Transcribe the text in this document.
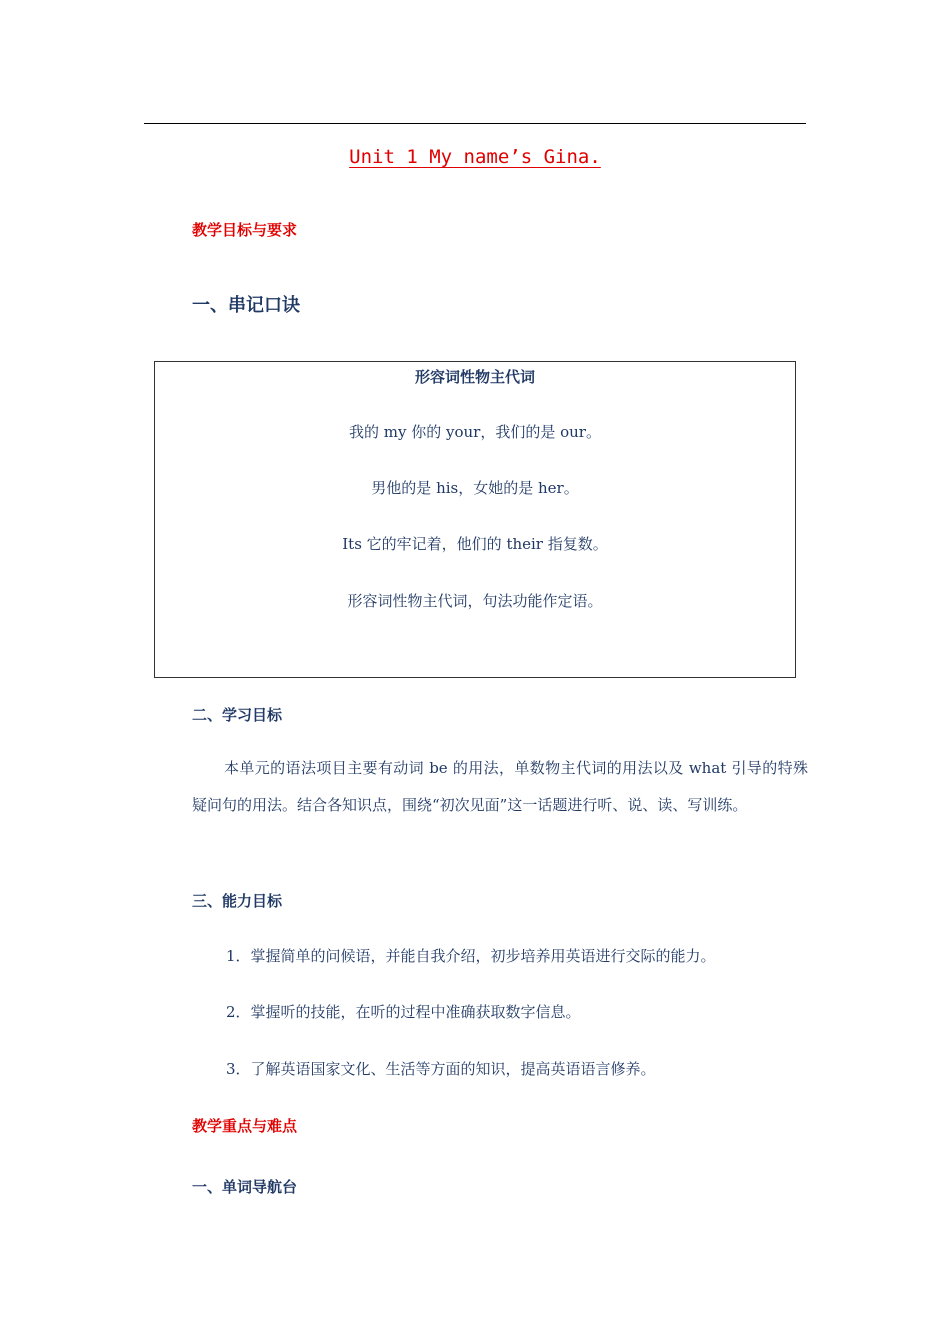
Unit 1 My name’s Gina.
教学目标与要求
一、串记口诀
形容词性物主代词
我的 my 你的 your，我们的是 our。
男他的是 his，女她的是 her。
Its 它的牢记着，他们的 their 指复数。
形容词性物主代词，句法功能作定语。
二、学习目标
本单元的语法项目主要有动词 be 的用法，单数物主代词的用法以及 what 引导的特殊疑问句的用法。结合各知识点，围绕“初次见面”这一话题进行听、说、读、写训练。
三、能力目标
1．掌握简单的问候语，并能自我介绍，初步培养用英语进行交际的能力。
2．掌握听的技能，在听的过程中准确获取数字信息。
3．了解英语国家文化、生活等方面的知识，提高英语语言修养。
教学重点与难点
一、单词导航台
